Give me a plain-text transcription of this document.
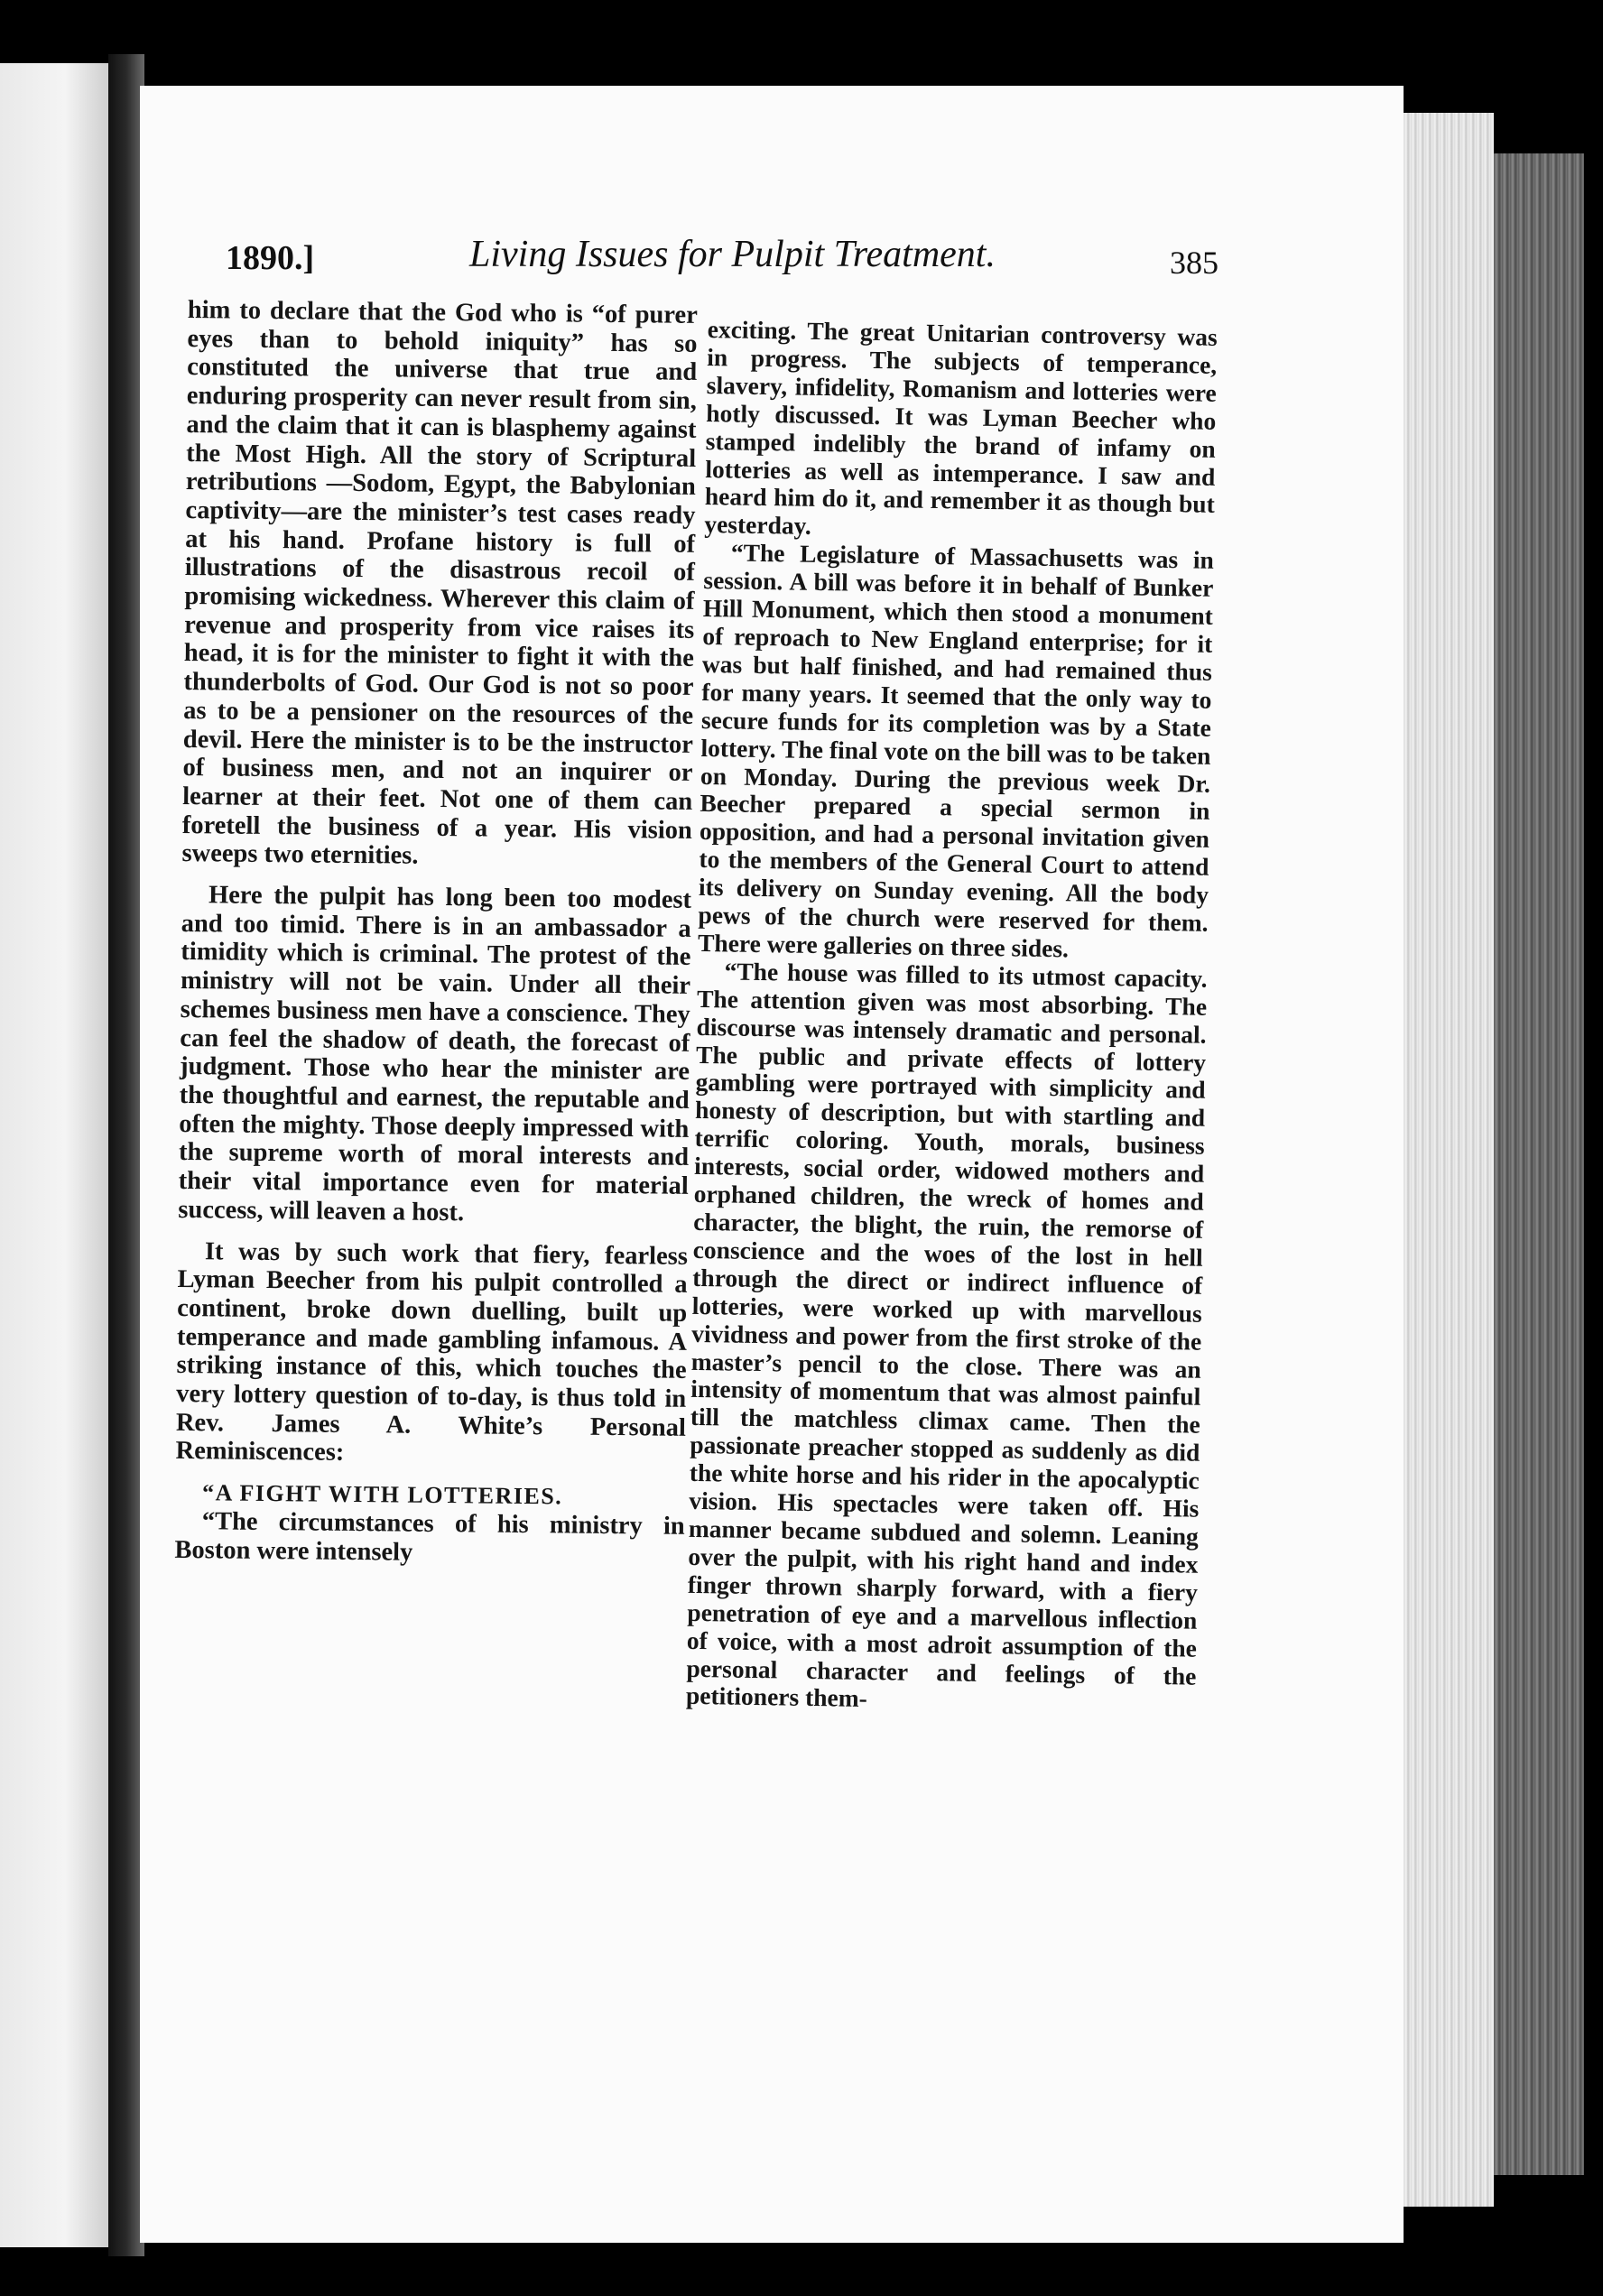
1890.]	Living Issues for Pulpit Treatment.	385

him to declare that the God who is “of purer eyes than to behold iniquity” has so constituted the universe that true and enduring prosperity can never result from sin, and the claim that it can is blasphemy against the Most High. All the story of Scriptural retributions —Sodom, Egypt, the Babylonian captivity—are the minister’s test cases ready at his hand. Profane history is full of illustrations of the disastrous recoil of promising wickedness. Wherever this claim of revenue and prosperity from vice raises its head, it is for the minister to fight it with the thunderbolts of God. Our God is not so poor as to be a pensioner on the resources of the devil. Here the minister is to be the instructor of business men, and not an inquirer or learner at their feet. Not one of them can foretell the business of a year. His vision sweeps two eternities.

Here the pulpit has long been too modest and too timid. There is in an ambassador a timidity which is criminal. The protest of the ministry will not be vain. Under all their schemes business men have a conscience. They can feel the shadow of death, the forecast of judgment. Those who hear the minister are the thoughtful and earnest, the reputable and often the mighty. Those deeply impressed with the supreme worth of moral interests and their vital importance even for material success, will leaven a host.

It was by such work that fiery, fearless Lyman Beecher from his pulpit controlled a continent, broke down duelling, built up temperance and made gambling infamous. A striking instance of this, which touches the very lottery question of to-day, is thus told in Rev. James A. White’s Personal Reminiscences:

“A FIGHT WITH LOTTERIES.

“The circumstances of his ministry in Boston were intensely

exciting. The great Unitarian controversy was in progress. The subjects of temperance, slavery, infidelity, Romanism and lotteries were hotly discussed. It was Lyman Beecher who stamped indelibly the brand of infamy on lotteries as well as intemperance. I saw and heard him do it, and remember it as though but yesterday.

“The Legislature of Massachusetts was in session. A bill was before it in behalf of Bunker Hill Monument, which then stood a monument of reproach to New England enterprise; for it was but half finished, and had remained thus for many years. It seemed that the only way to secure funds for its completion was by a State lottery. The final vote on the bill was to be taken on Monday. During the previous week Dr. Beecher prepared a special sermon in opposition, and had a personal invitation given to the members of the General Court to attend its delivery on Sunday evening. All the body pews of the church were reserved for them. There were galleries on three sides.

“The house was filled to its utmost capacity. The attention given was most absorbing. The discourse was intensely dramatic and personal. The public and private effects of lottery gambling were portrayed with simplicity and honesty of description, but with startling and terrific coloring. Youth, morals, business interests, social order, widowed mothers and orphaned children, the wreck of homes and character, the blight, the ruin, the remorse of conscience and the woes of the lost in hell through the direct or indirect influence of lotteries, were worked up with marvellous vividness and power from the first stroke of the master’s pencil to the close. There was an intensity of momentum that was almost painful till the matchless climax came. Then the passionate preacher stopped as suddenly as did the white horse and his rider in the apocalyptic vision. His spectacles were taken off. His manner became subdued and solemn. Leaning over the pulpit, with his right hand and index finger thrown sharply forward, with a fiery penetration of eye and a marvellous inflection of voice, with a most adroit assumption of the personal character and feelings of the petitioners them-
